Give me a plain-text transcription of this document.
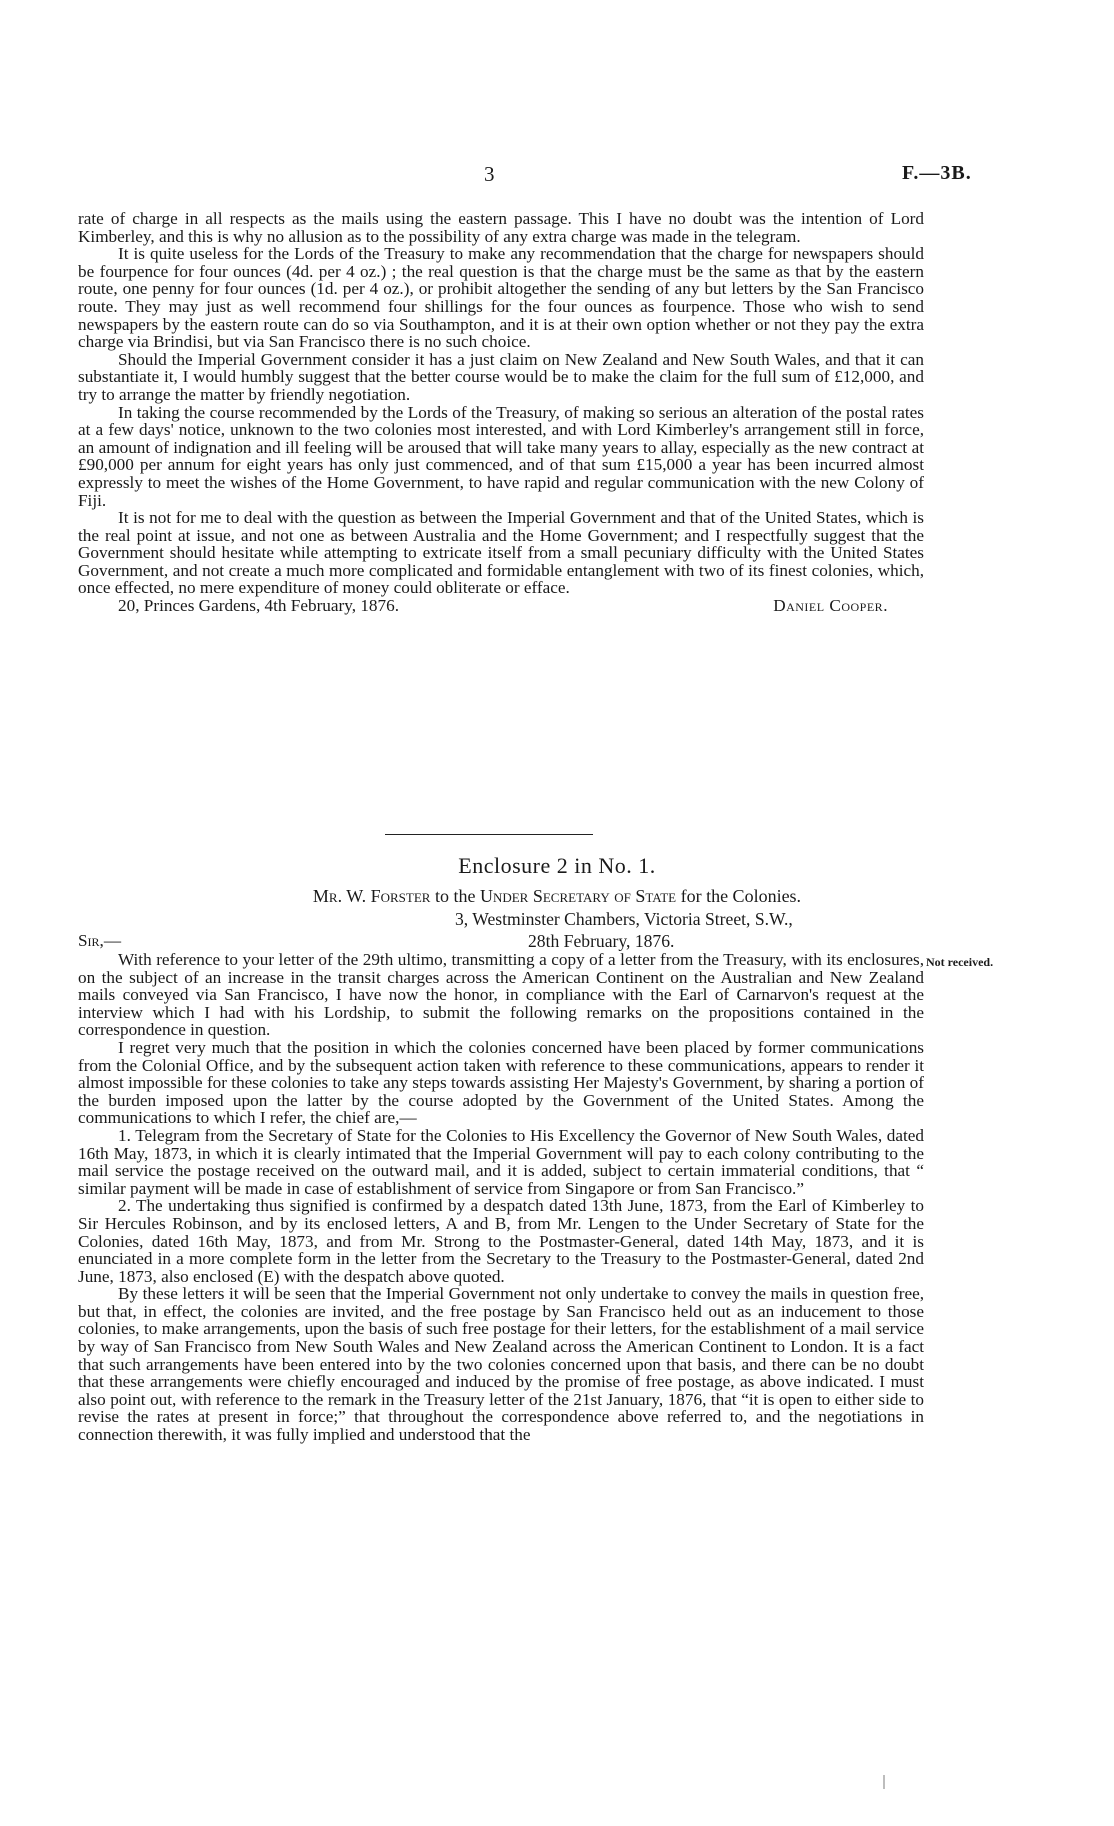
3	F.—3B.

rate of charge in all respects as the mails using the eastern passage. This I have no doubt was the intention of Lord Kimberley, and this is why no allusion as to the possibility of any extra charge was made in the telegram.

It is quite useless for the Lords of the Treasury to make any recommendation that the charge for newspapers should be fourpence for four ounces (4d. per 4 oz.) ; the real question is that the charge must be the same as that by the eastern route, one penny for four ounces (1d. per 4 oz.), or prohibit altogether the sending of any but letters by the San Francisco route. They may just as well recommend four shillings for the four ounces as fourpence. Those who wish to send newspapers by the eastern route can do so via Southampton, and it is at their own option whether or not they pay the extra charge via Brindisi, but via San Francisco there is no such choice.

Should the Imperial Government consider it has a just claim on New Zealand and New South Wales, and that it can substantiate it, I would humbly suggest that the better course would be to make the claim for the full sum of £12,000, and try to arrange the matter by friendly negotiation.

In taking the course recommended by the Lords of the Treasury, of making so serious an alteration of the postal rates at a few days' notice, unknown to the two colonies most interested, and with Lord Kimberley's arrangement still in force, an amount of indignation and ill feeling will be aroused that will take many years to allay, especially as the new contract at £90,000 per annum for eight years has only just commenced, and of that sum £15,000 a year has been incurred almost expressly to meet the wishes of the Home Government, to have rapid and regular communication with the new Colony of Fiji.

It is not for me to deal with the question as between the Imperial Government and that of the United States, which is the real point at issue, and not one as between Australia and the Home Government; and I respectfully suggest that the Government should hesitate while attempting to extricate itself from a small pecuniary difficulty with the United States Government, and not create a much more complicated and formidable entanglement with two of its finest colonies, which, once effected, no mere expenditure of money could obliterate or efface.

20, Princes Gardens, 4th February, 1876.	Daniel Cooper.
Enclosure 2 in No. 1.
Mr. W. Forster to the Under Secretary of State for the Colonies.
3, Westminster Chambers, Victoria Street, S.W.,
Sir,—	28th February, 1876.

With reference to your letter of the 29th ultimo, transmitting a copy of a letter from the Treasury, with its enclosures, on the subject of an increase in the transit charges across the American Continent on the Australian and New Zealand mails conveyed via San Francisco, I have now the honor, in compliance with the Earl of Carnarvon's request at the interview which I had with his Lordship, to submit the following remarks on the propositions contained in the correspondence in question.

I regret very much that the position in which the colonies concerned have been placed by former communications from the Colonial Office, and by the subsequent action taken with reference to these communications, appears to render it almost impossible for these colonies to take any steps towards assisting Her Majesty's Government, by sharing a portion of the burden imposed upon the latter by the course adopted by the Government of the United States. Among the communications to which I refer, the chief are,—

1. Telegram from the Secretary of State for the Colonies to His Excellency the Governor of New South Wales, dated 16th May, 1873, in which it is clearly intimated that the Imperial Government will pay to each colony contributing to the mail service the postage received on the outward mail, and it is added, subject to certain immaterial conditions, that “ similar payment will be made in case of establishment of service from Singapore or from San Francisco.”

2. The undertaking thus signified is confirmed by a despatch dated 13th June, 1873, from the Earl of Kimberley to Sir Hercules Robinson, and by its enclosed letters, A and B, from Mr. Lengen to the Under Secretary of State for the Colonies, dated 16th May, 1873, and from Mr. Strong to the Postmaster-General, dated 14th May, 1873, and it is enunciated in a more complete form in the letter from the Secretary to the Treasury to the Postmaster-General, dated 2nd June, 1873, also enclosed (E) with the despatch above quoted.

By these letters it will be seen that the Imperial Government not only undertake to convey the mails in question free, but that, in effect, the colonies are invited, and the free postage by San Francisco held out as an inducement to those colonies, to make arrangements, upon the basis of such free postage for their letters, for the establishment of a mail service by way of San Francisco from New South Wales and New Zealand across the American Continent to London. It is a fact that such arrangements have been entered into by the two colonies concerned upon that basis, and there can be no doubt that these arrangements were chiefly encouraged and induced by the promise of free postage, as above indicated. I must also point out, with reference to the remark in the Treasury letter of the 21st January, 1876, that “it is open to either side to revise the rates at present in force;” that throughout the correspondence above referred to, and the negotiations in connection therewith, it was fully implied and understood that the

Not received.
